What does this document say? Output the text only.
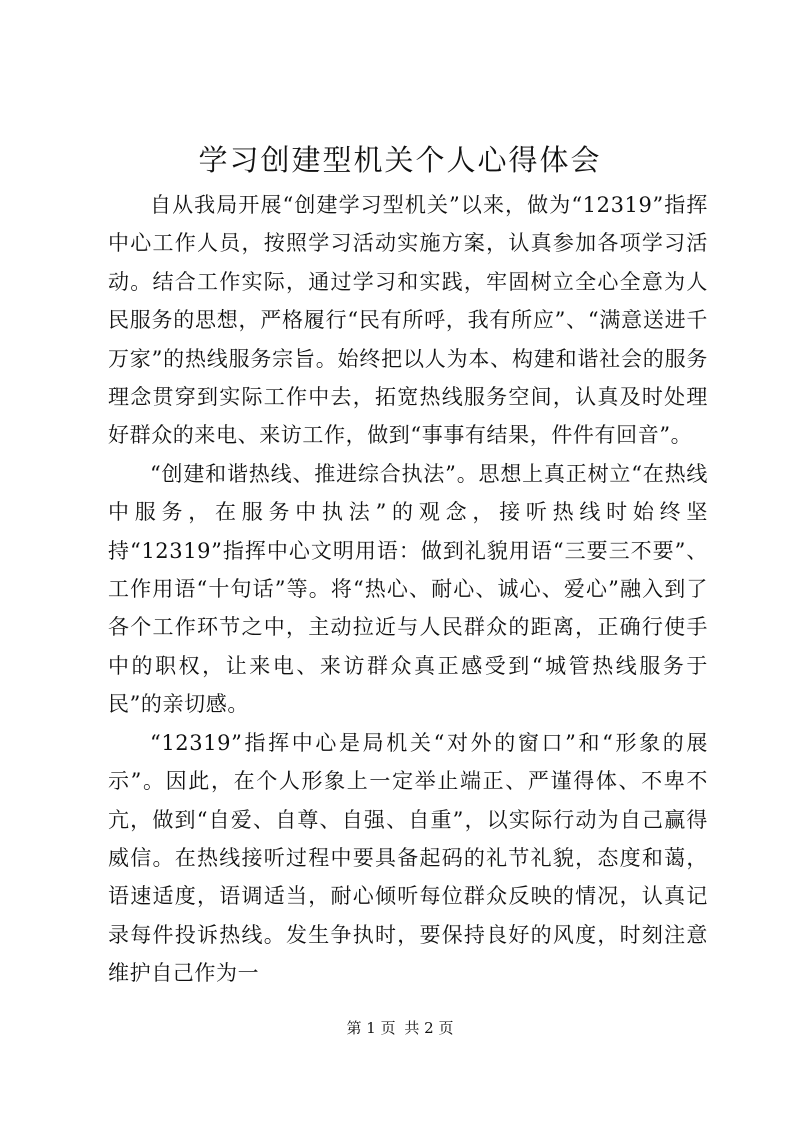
学习创建型机关个人心得体会

自从我局开展“创建学习型机关”以来，做为“12319”指挥中心工作人员，按照学习活动实施方案，认真参加各项学习活动。结合工作实际，通过学习和实践，牢固树立全心全意为人民服务的思想，严格履行“民有所呼，我有所应”、“满意送进千万家”的热线服务宗旨。始终把以人为本、构建和谐社会的服务理念贯穿到实际工作中去，拓宽热线服务空间，认真及时处理好群众的来电、来访工作，做到“事事有结果，件件有回音”。

“创建和谐热线、推进综合执法”。思想上真正树立“在热线中服务，在服务中执法”的观念，接听热线时始终坚持“12319”指挥中心文明用语：做到礼貌用语“三要三不要”、工作用语“十句话”等。将“热心、耐心、诚心、爱心”融入到了各个工作环节之中，主动拉近与人民群众的距离，正确行使手中的职权，让来电、来访群众真正感受到“城管热线服务于民”的亲切感。

“12319”指挥中心是局机关“对外的窗口”和“形象的展示”。因此，在个人形象上一定举止端正、严谨得体、不卑不亢，做到“自爱、自尊、自强、自重”，以实际行动为自己赢得威信。在热线接听过程中要具备起码的礼节礼貌，态度和蔼，语速适度，语调适当，耐心倾听每位群众反映的情况，认真记录每件投诉热线。发生争执时，要保持良好的风度，时刻注意维护自己作为一

第 1 页 共 2 页
